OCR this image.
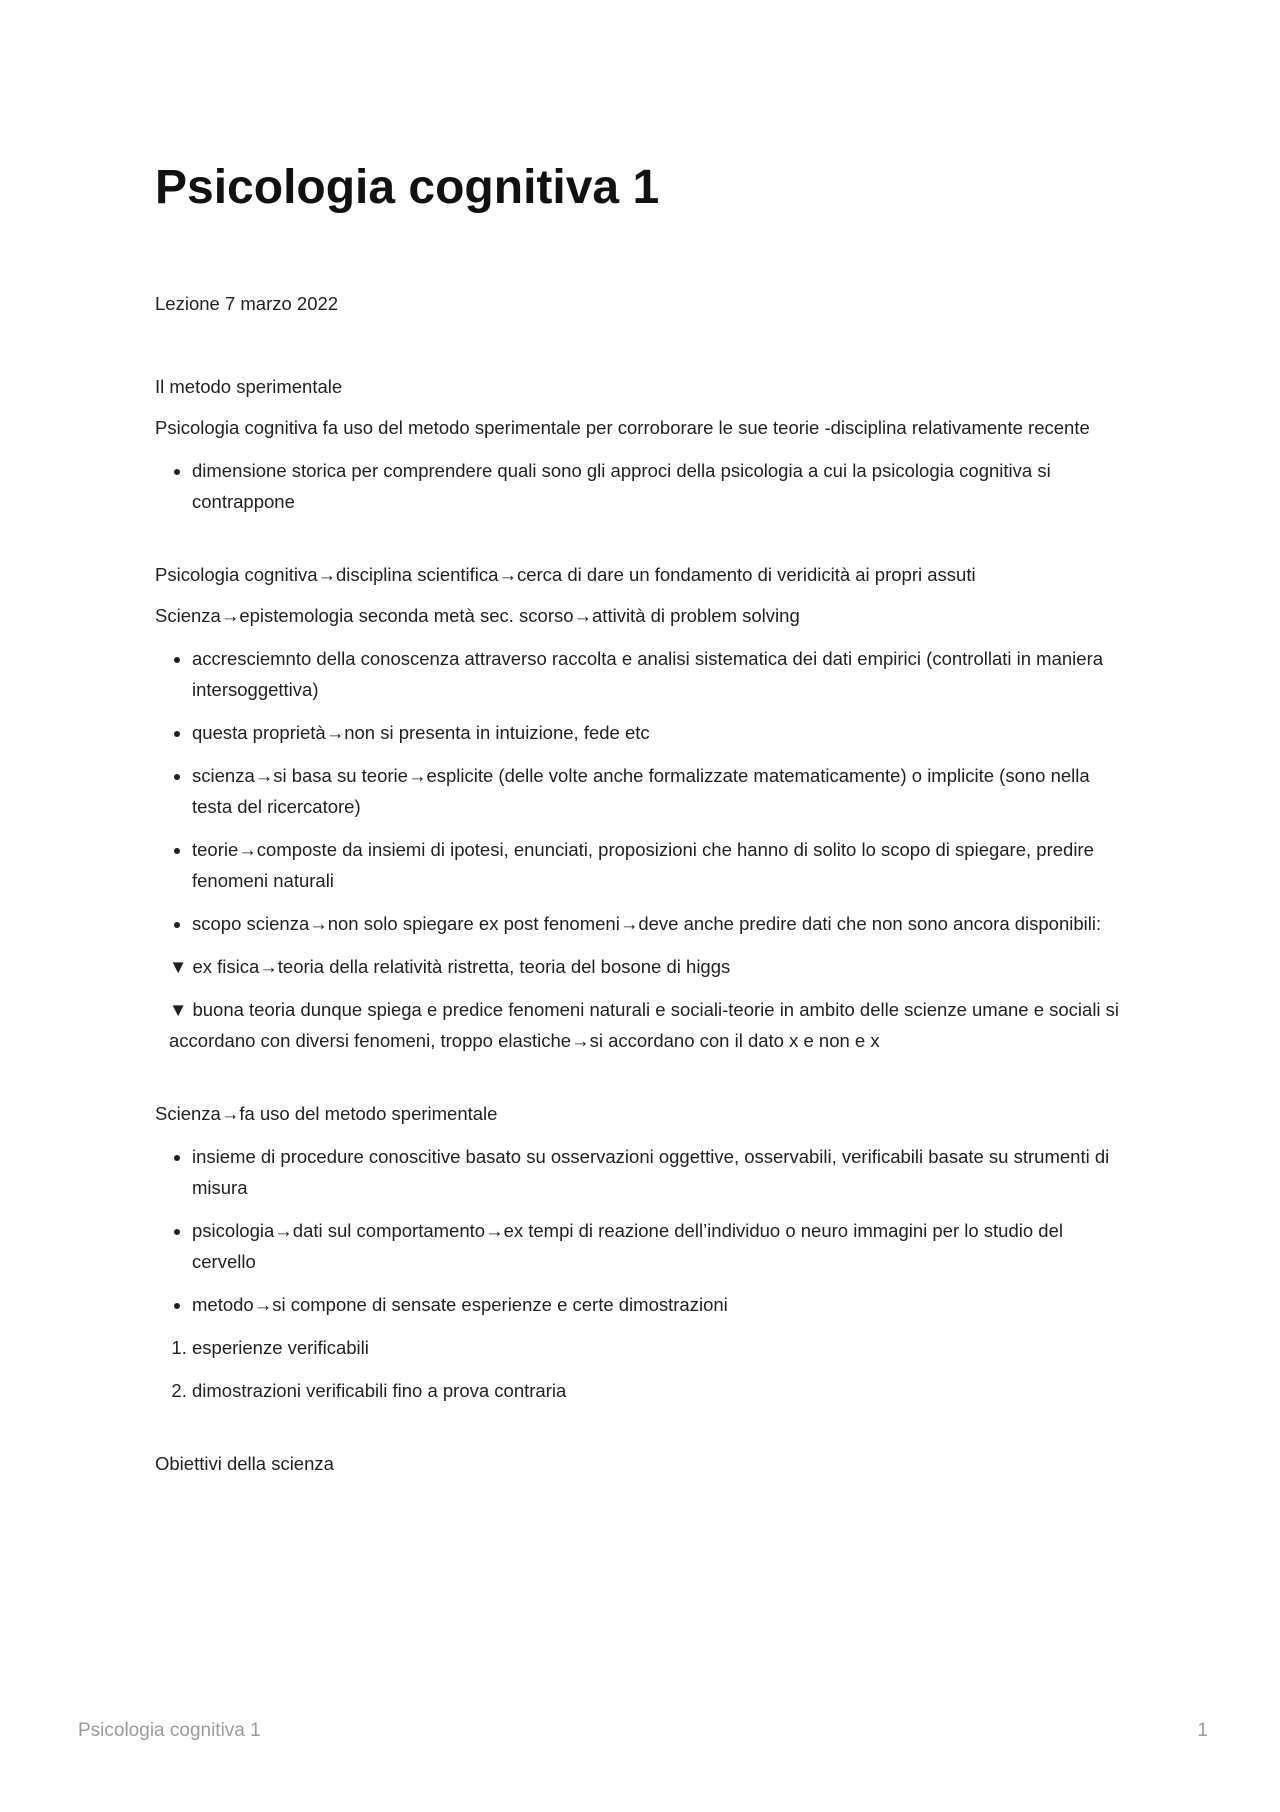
Psicologia cognitiva 1

Lezione 7 marzo 2022

Il metodo sperimentale

Psicologia cognitiva fa uso del metodo sperimentale per corroborare le sue teorie -disciplina relativamente recente

• dimensione storica per comprendere quali sono gli approci della psicologia a cui la psicologia cognitiva si contrappone

Psicologia cognitiva→disciplina scientifica→cerca di dare un fondamento di veridicità ai propri assuti

Scienza→epistemologia seconda metà sec. scorso→attività di problem solving

• accresciemnto della conoscenza attraverso raccolta e analisi sistematica dei dati empirici (controllati in maniera intersoggettiva)
• questa proprietà→non si presenta in intuizione, fede etc
• scienza→si basa su teorie→esplicite (delle volte anche formalizzate matematicamente) o implicite (sono nella testa del ricercatore)
• teorie→composte da insiemi di ipotesi, enunciati, proposizioni che hanno di solito lo scopo di spiegare, predire fenomeni naturali
• scopo scienza→non solo spiegare ex post fenomeni→deve anche predire dati che non sono ancora disponibili:
▼ ex fisica→teoria della relatività ristretta, teoria del bosone di higgs
▼ buona teoria dunque spiega e predice fenomeni naturali e sociali-teorie in ambito delle scienze umane e sociali si accordano con diversi fenomeni, troppo elastiche→si accordano con il dato x e non e x

Scienza→fa uso del metodo sperimentale

• insieme di procedure conoscitive basato su osservazioni oggettive, osservabili, verificabili basate su strumenti di misura
• psicologia→dati sul comportamento→ex tempi di reazione dell’individuo o neuro immagini per lo studio del cervello
• metodo→si compone di sensate esperienze e certe dimostrazioni
1. esperienze verificabili
2. dimostrazioni verificabili fino a prova contraria

Obiettivi della scienza

Psicologia cognitiva 1	1
